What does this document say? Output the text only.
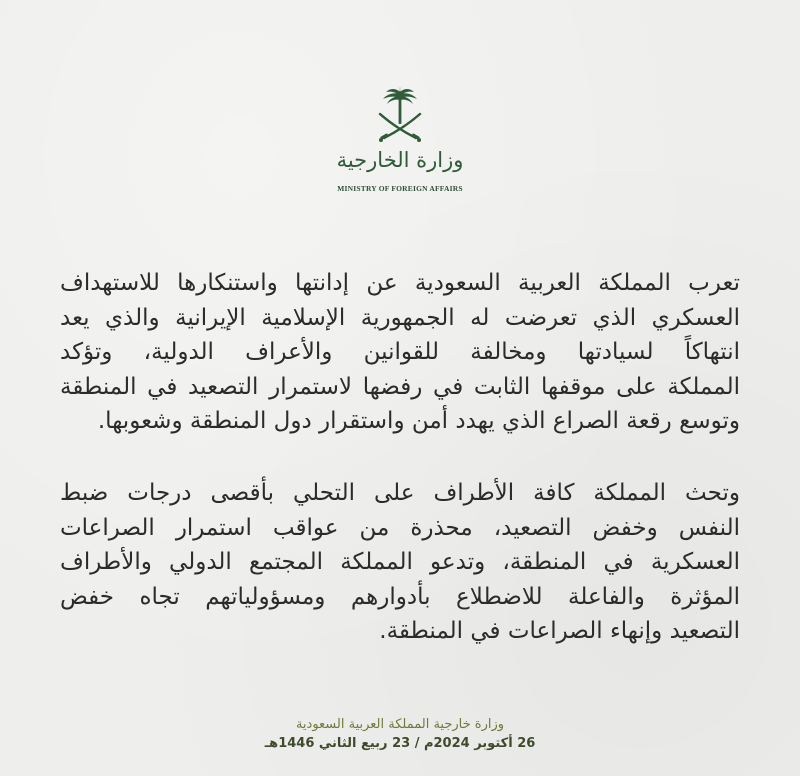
وزارة الخارجية
MINISTRY OF FOREIGN AFFAIRS
تعرب المملكة العربية السعودية عن إدانتها واستنكارها للاستهداف
العسكري الذي تعرضت له الجمهورية الإسلامية الإيرانية والذي يعد
انتهاكاً لسيادتها ومخالفة للقوانين والأعراف الدولية، وتؤكد
المملكة على موقفها الثابت في رفضها لاستمرار التصعيد في المنطقة
وتوسع رقعة الصراع الذي يهدد أمن واستقرار دول المنطقة وشعوبها.
وتحث المملكة كافة الأطراف على التحلي بأقصى درجات ضبط
النفس وخفض التصعيد، محذرة من عواقب استمرار الصراعات
العسكرية في المنطقة، وتدعو المملكة المجتمع الدولي والأطراف
المؤثرة والفاعلة للاضطلاع بأدوارهم ومسؤولياتهم تجاه خفض
التصعيد وإنهاء الصراعات في المنطقة.
وزارة خارجية المملكة العربية السعودية
26 أكتوبر 2024م / 23 ربيع الثاني 1446هـ
